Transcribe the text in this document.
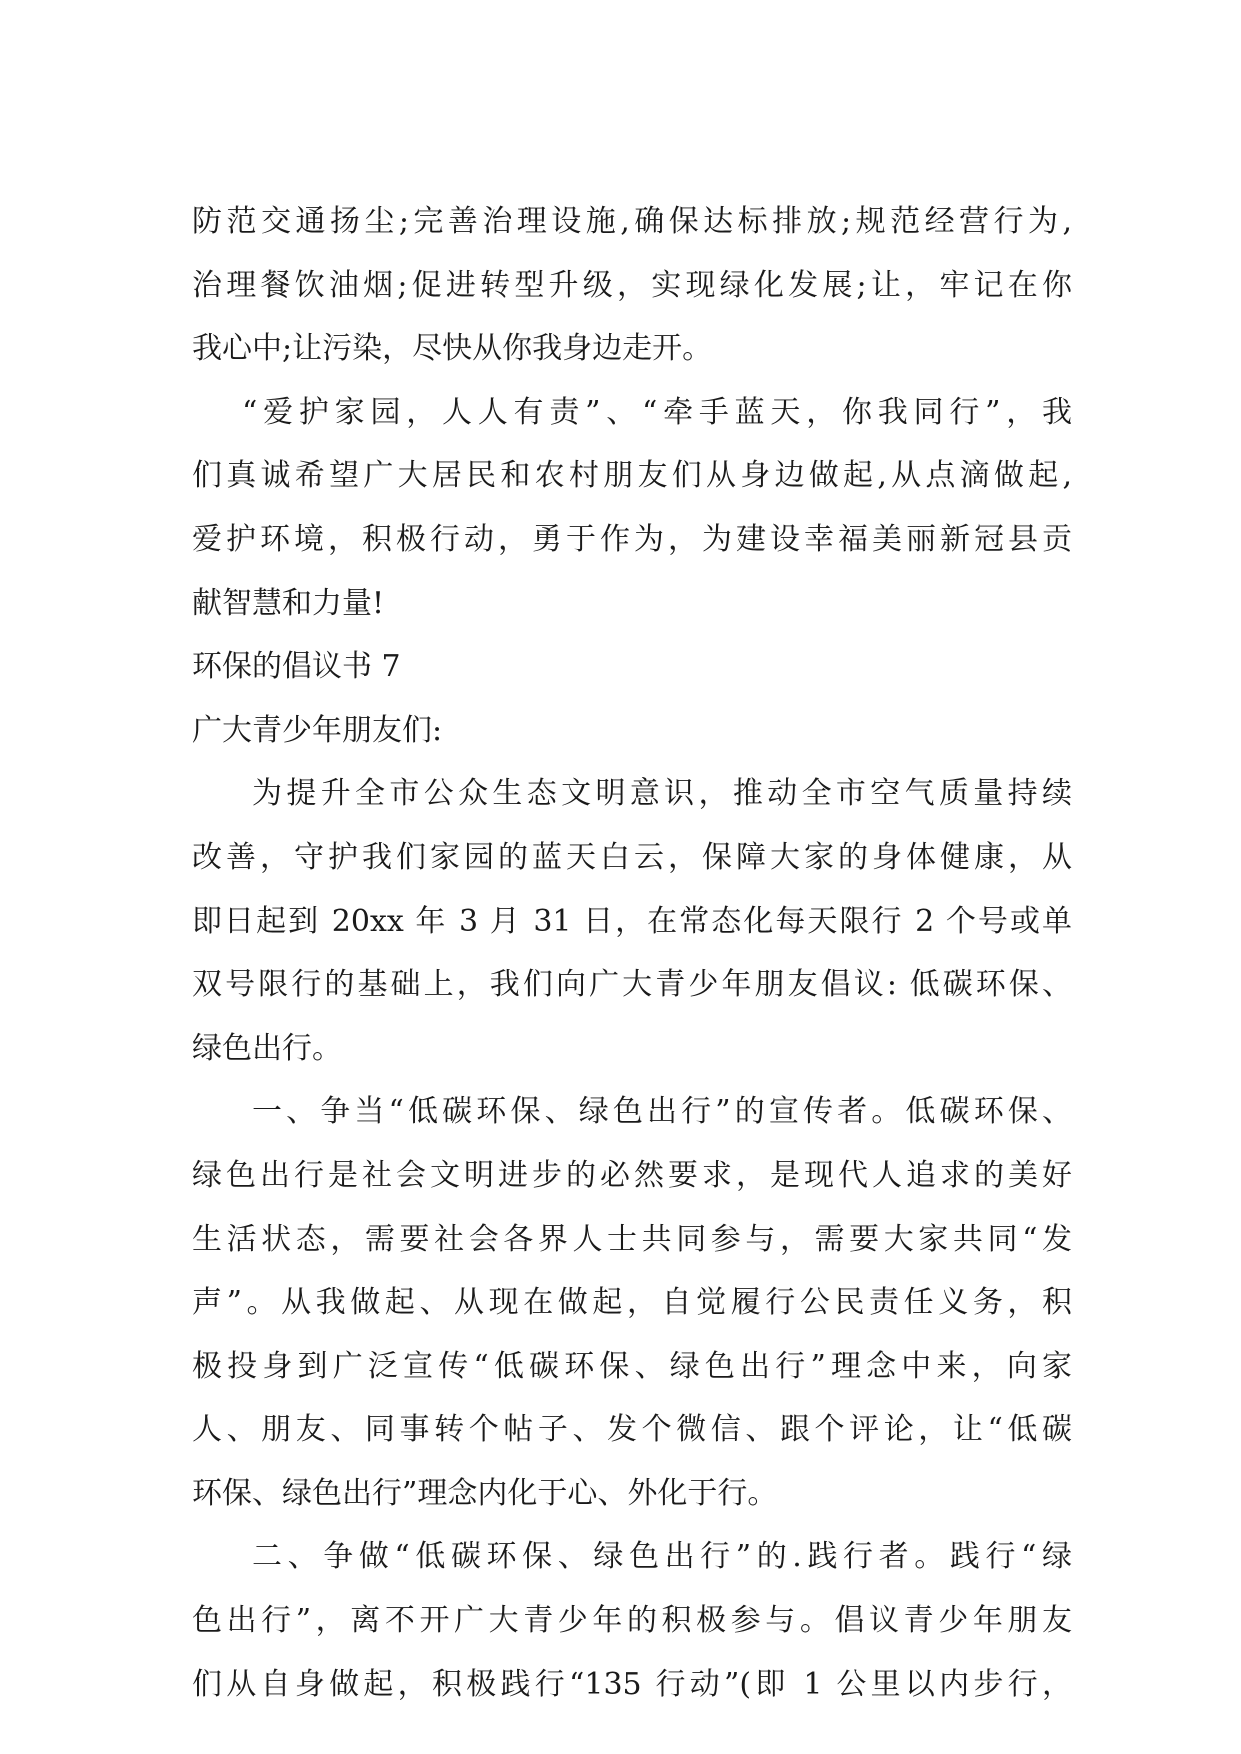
防范交通扬尘;完善治理设施,确保达标排放;规范经营行为,
治理餐饮油烟;促进转型升级，实现绿化发展;让，牢记在你
我心中;让污染，尽快从你我身边走开。
“爱护家园，人人有责”、“牵手蓝天，你我同行”，我
们真诚希望广大居民和农村朋友们从身边做起,从点滴做起,
爱护环境，积极行动，勇于作为，为建设幸福美丽新冠县贡
献智慧和力量!
环保的倡议书 7
广大青少年朋友们:
为提升全市公众生态文明意识，推动全市空气质量持续
改善，守护我们家园的蓝天白云，保障大家的身体健康，从
即日起到 20xx 年 3 月 31 日，在常态化每天限行 2 个号或单
双号限行的基础上，我们向广大青少年朋友倡议: 低碳环保、
绿色出行。
一、争当“低碳环保、绿色出行”的宣传者。低碳环保、
绿色出行是社会文明进步的必然要求，是现代人追求的美好
生活状态，需要社会各界人士共同参与，需要大家共同“发
声”。从我做起、从现在做起，自觉履行公民责任义务，积
极投身到广泛宣传“低碳环保、绿色出行”理念中来，向家
人、朋友、同事转个帖子、发个微信、跟个评论，让“低碳
环保、绿色出行”理念内化于心、外化于行。
二、争做“低碳环保、绿色出行”的.践行者。践行“绿
色出行”，离不开广大青少年的积极参与。倡议青少年朋友
们从自身做起，积极践行“135 行动”(即 1 公里以内步行，
